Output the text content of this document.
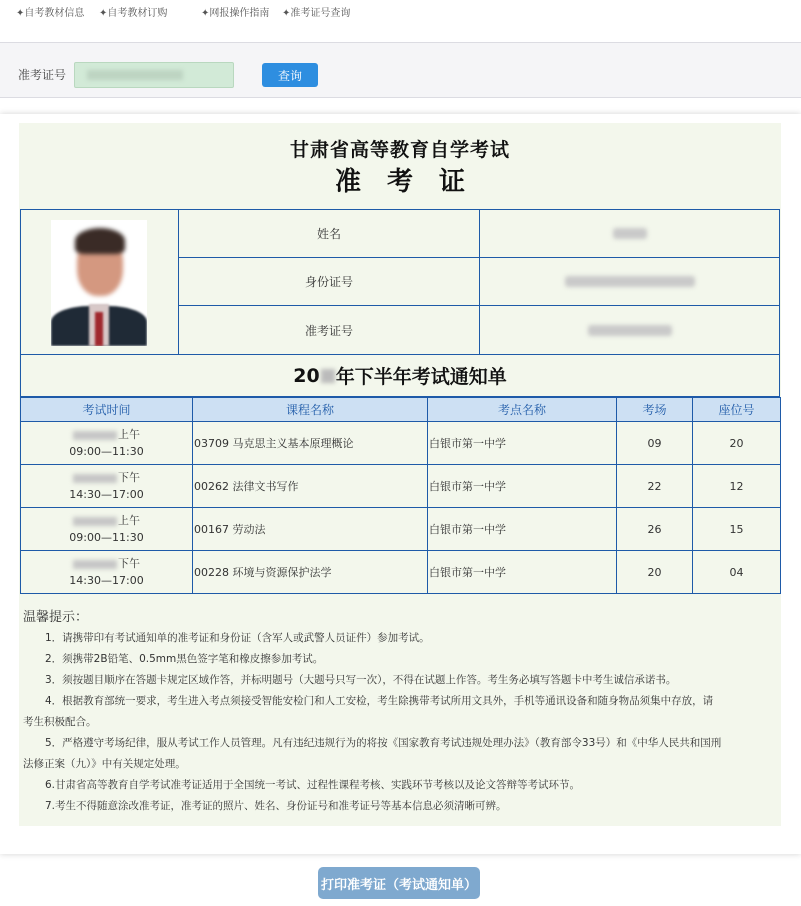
✦自考教材信息 ✦自考教材订购	✦网报操作指南 ✦准考证号查询
准考证号	查询
甘肃省高等教育自学考试
准考证
姓名
身份证号
准考证号
20 年下半年考试通知单
考试时间	课程名称	考点名称	考场	座位号
上午
09:00—11:30	03709 马克思主义基本原理概论	白银市第一中学	09	20
下午
14:30—17:00	00262 法律文书写作	白银市第一中学	22	12
上午
09:00—11:30	00167 劳动法	白银市第一中学	26	15
下午
14:30—17:00	00228 环境与资源保护法学	白银市第一中学	20	04
温馨提示：

1．请携带印有考试通知单的准考证和身份证（含军人或武警人员证件）参加考试。

2．须携带2B铅笔、0.5mm黑色签字笔和橡皮擦参加考试。

3．须按题目顺序在答题卡规定区域作答，并标明题号（大题号只写一次），不得在试题上作答。考生务必填写答题卡中考生诚信承诺书。

4．根据教育部统一要求，考生进入考点须接受智能安检门和人工安检，考生除携带考试所用文具外，手机等通讯设备和随身物品须集中存放，请考生积极配合。

5．严格遵守考场纪律，服从考试工作人员管理。凡有违纪违规行为的将按《国家教育考试违规处理办法》（教育部令33号）和《中华人民共和国刑法修正案（九）》中有关规定处理。

6.甘肃省高等教育自学考试准考证适用于全国统一考试、过程性课程考核、实践环节考核以及论文答辩等考试环节。

7.考生不得随意涂改准考证，准考证的照片、姓名、身份证号和准考证号等基本信息必须清晰可辨。

打印准考证（考试通知单）
